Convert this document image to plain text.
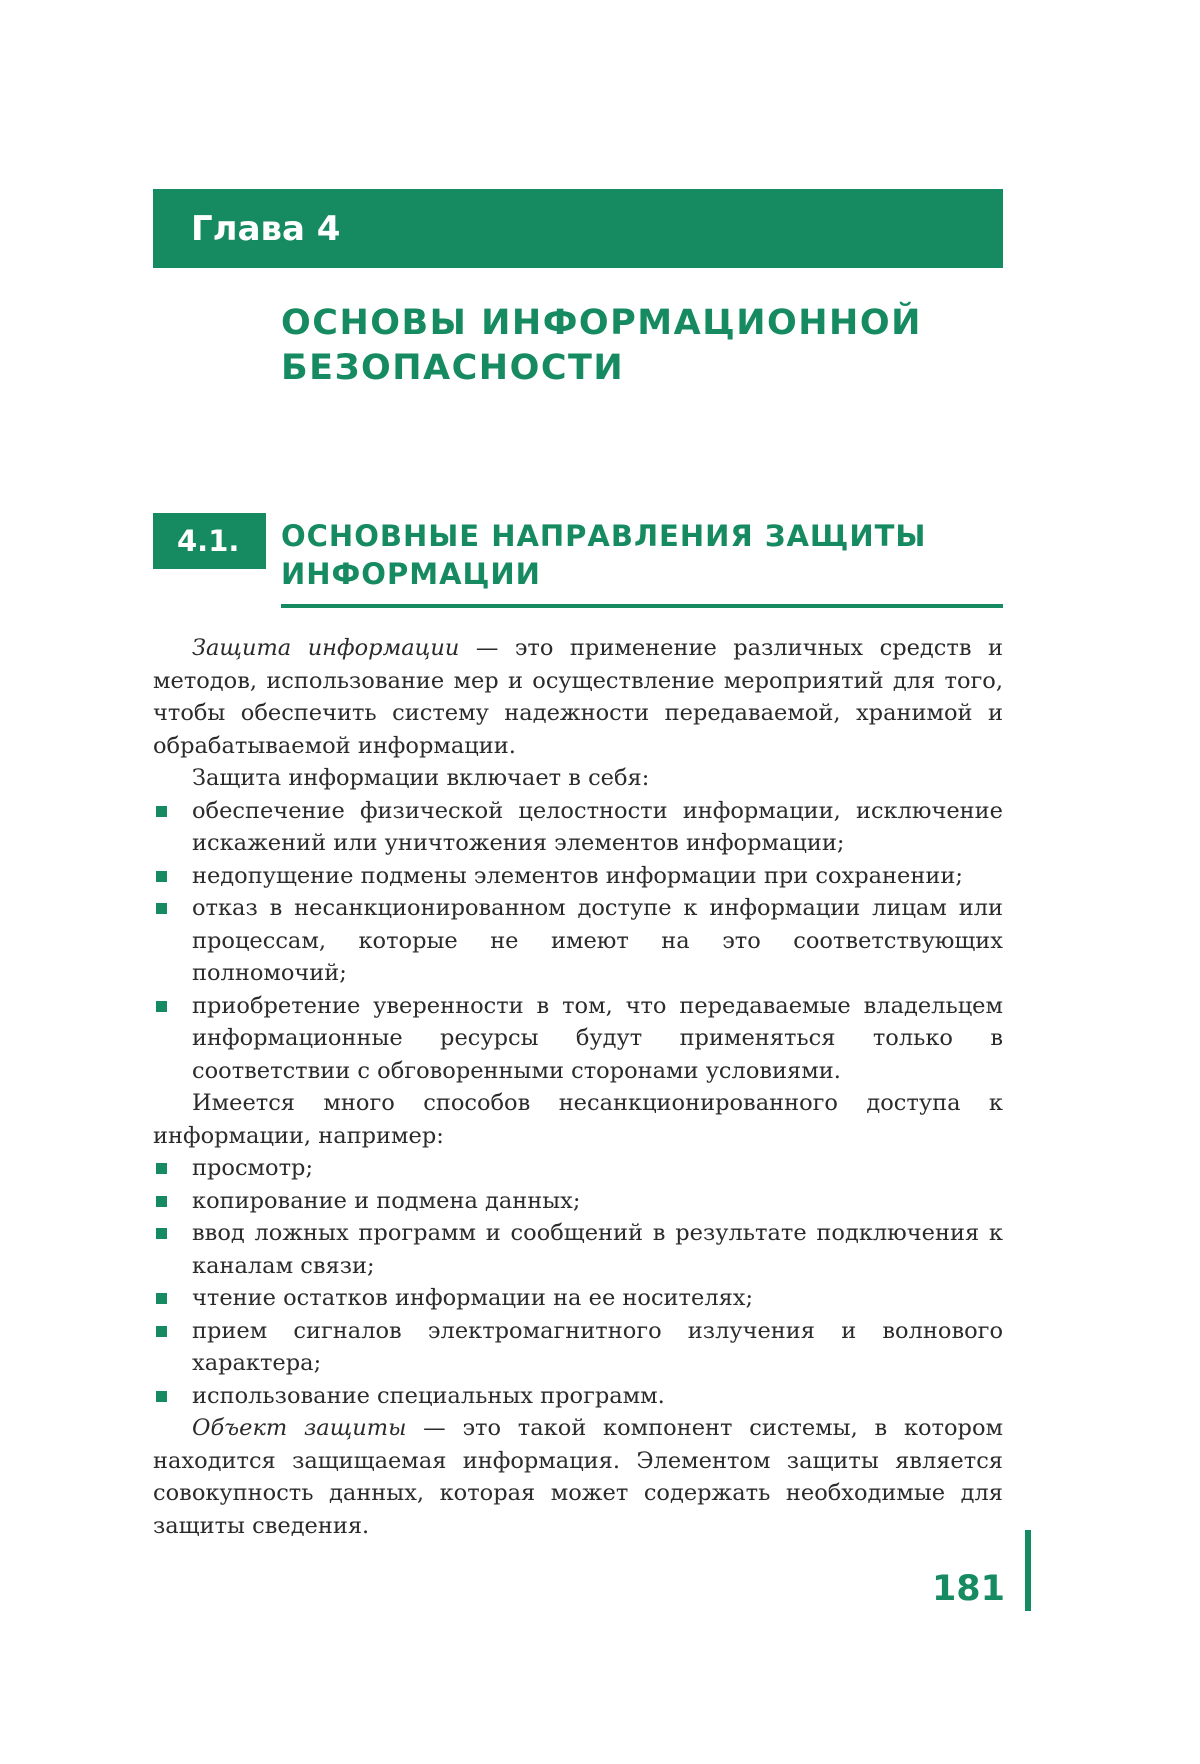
Глава 4
ОСНОВЫ ИНФОРМАЦИОННОЙ
БЕЗОПАСНОСТИ
4.1. ОСНОВНЫЕ НАПРАВЛЕНИЯ ЗАЩИТЫ
ИНФОРМАЦИИ

Защита информации — это применение различных средств и методов, использование мер и осуществление мероприятий для того, чтобы обеспечить систему надежности передаваемой, хранимой и обрабатываемой информации.

Защита информации включает в себя:

обеспечение физической целостности информации, исключение искажений или уничтожения элементов информации;
недопущение подмены элементов информации при сохранении;
отказ в несанкционированном доступе к информации лицам или процессам, которые не имеют на это соответствующих полномочий;
приобретение уверенности в том, что передаваемые владельцем информационные ресурсы будут применяться только в соответствии с обговоренными сторонами условиями.

Имеется много способов несанкционированного доступа к информации, например:

просмотр;
копирование и подмена данных;
ввод ложных программ и сообщений в результате подключения к каналам связи;
чтение остатков информации на ее носителях;
прием сигналов электромагнитного излучения и волнового характера;
использование специальных программ.

Объект защиты — это такой компонент системы, в котором находится защищаемая информация. Элементом защиты является совокупность данных, которая может содержать необходимые для защиты сведения.

181
